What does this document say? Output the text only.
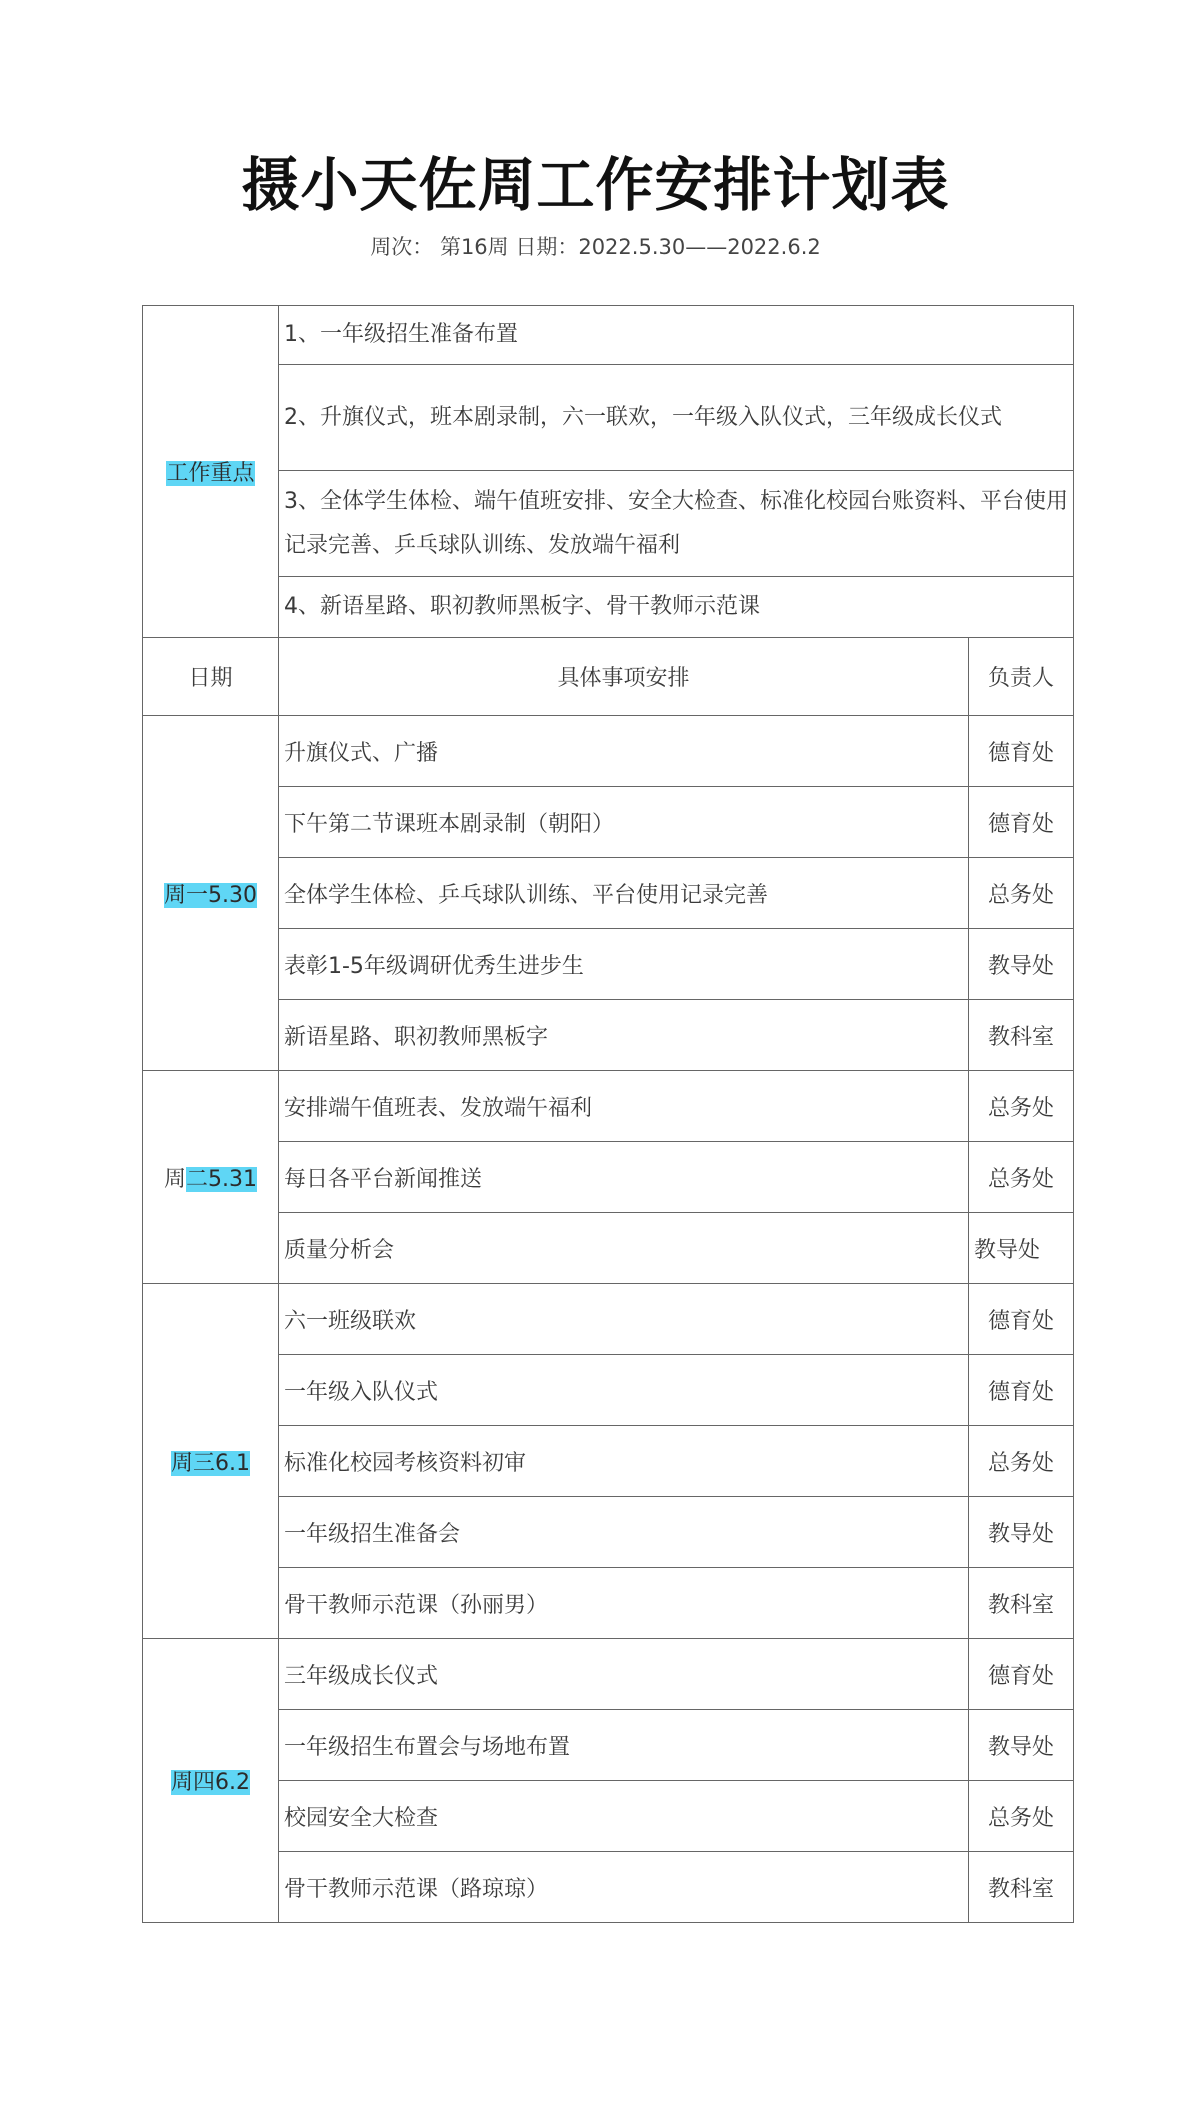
摄小天佐周工作安排计划表
周次： 第16周 日期：2022.5.30——2022.6.2
工作重点	1、一年级招生准备布置	
	2、升旗仪式，班本剧录制，六一联欢，一年级入队仪式，三年级成长仪式	
	3、全体学生体检、端午值班安排、安全大检查、标准化校园台账资料、平台使用记录完善、乒乓球队训练、发放端午福利	
	4、新语星路、职初教师黑板字、骨干教师示范课	
日期	具体事项安排	负责人
周一5.30	升旗仪式、广播	德育处
	下午第二节课班本剧录制（朝阳）	德育处
	全体学生体检、乒乓球队训练、平台使用记录完善	总务处
	表彰1-5年级调研优秀生进步生	教导处
	新语星路、职初教师黑板字	教科室
周二5.31	安排端午值班表、发放端午福利	总务处
	每日各平台新闻推送	总务处
	质量分析会	教导处
周三6.1	六一班级联欢	德育处
	一年级入队仪式	德育处
	标准化校园考核资料初审	总务处
	一年级招生准备会	教导处
	骨干教师示范课（孙丽男）	教科室
周四6.2	三年级成长仪式	德育处
	一年级招生布置会与场地布置	教导处
	校园安全大检查	总务处
	骨干教师示范课（路琼琼）	教科室
